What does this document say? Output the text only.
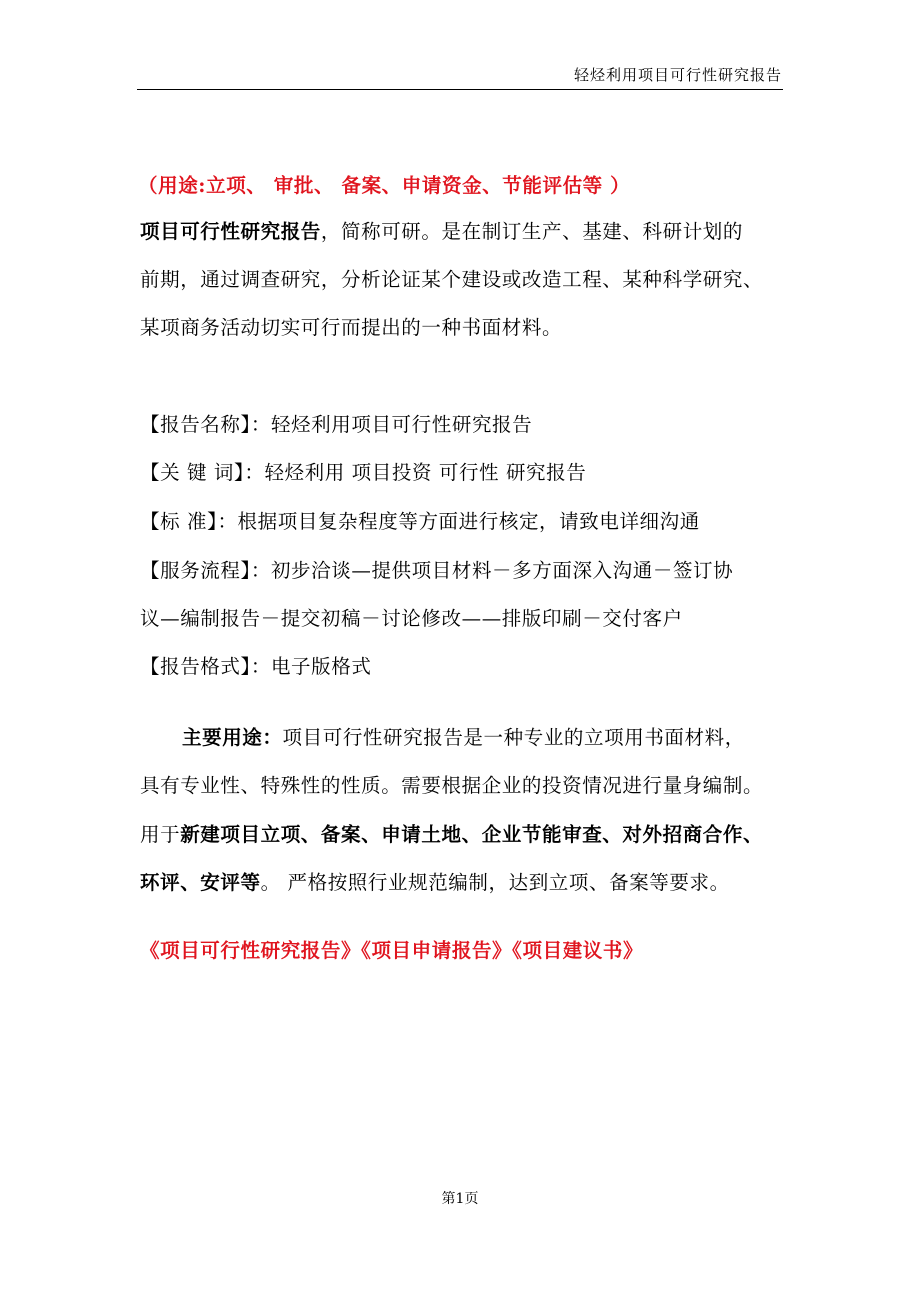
轻烃利用项目可行性研究报告
（用途:立项、 审批、 备案、申请资金、节能评估等 ）
项目可行性研究报告，简称可研。是在制订生产、基建、科研计划的
前期，通过调查研究，分析论证某个建设或改造工程、某种科学研究、
某项商务活动切实可行而提出的一种书面材料。
【报告名称】：轻烃利用项目可行性研究报告
【关 键 词】：轻烃利用 项目投资 可行性 研究报告
【标 准】：根据项目复杂程度等方面进行核定，请致电详细沟通
【服务流程】：初步洽谈—提供项目材料－多方面深入沟通－签订协
议—编制报告－提交初稿－讨论修改——排版印刷－交付客户
【报告格式】：电子版格式
主要用途：项目可行性研究报告是一种专业的立项用书面材料，
具有专业性、特殊性的性质。需要根据企业的投资情况进行量身编制。
用于新建项目立项、备案、申请土地、企业节能审查、对外招商合作、
环评、安评等。 严格按照行业规范编制，达到立项、备案等要求。
《项目可行性研究报告》《项目申请报告》《项目建议书》
第1页
